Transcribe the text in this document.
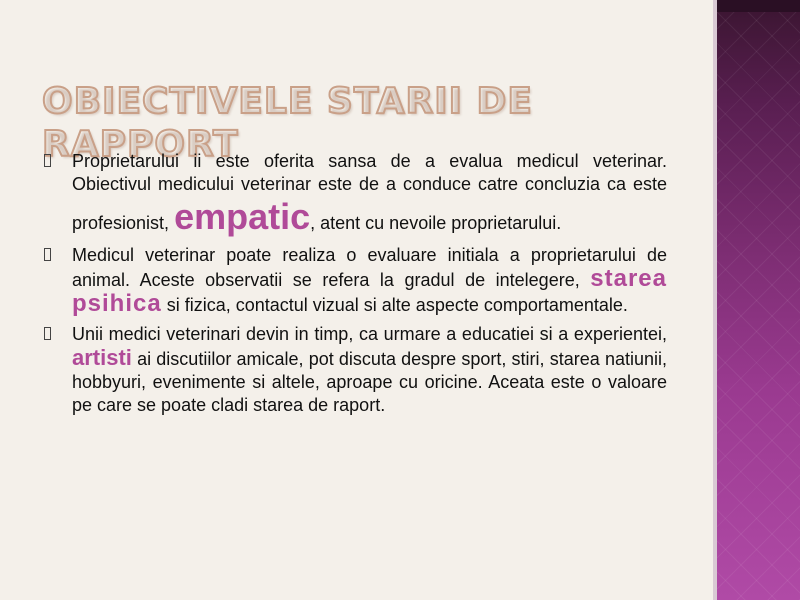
OBIECTIVELE STARII DE RAPPORT
Proprietarului ii este oferita sansa de a evalua medicul veterinar. Obiectivul medicului veterinar este de a conduce catre concluzia ca este profesionist, empatic, atent cu nevoile proprietarului.
Medicul veterinar poate realiza o evaluare initiala a proprietarului de animal. Aceste observatii se refera la gradul de intelegere, starea psihica si fizica, contactul vizual si alte aspecte comportamentale.
Unii medici veterinari devin in timp, ca urmare a educatiei si a experientei, artisti ai discutiilor amicale, pot discuta despre sport, stiri, starea natiunii, hobbyuri, evenimente si altele, aproape cu oricine. Aceata este o valoare pe care se poate cladi starea de raport.
